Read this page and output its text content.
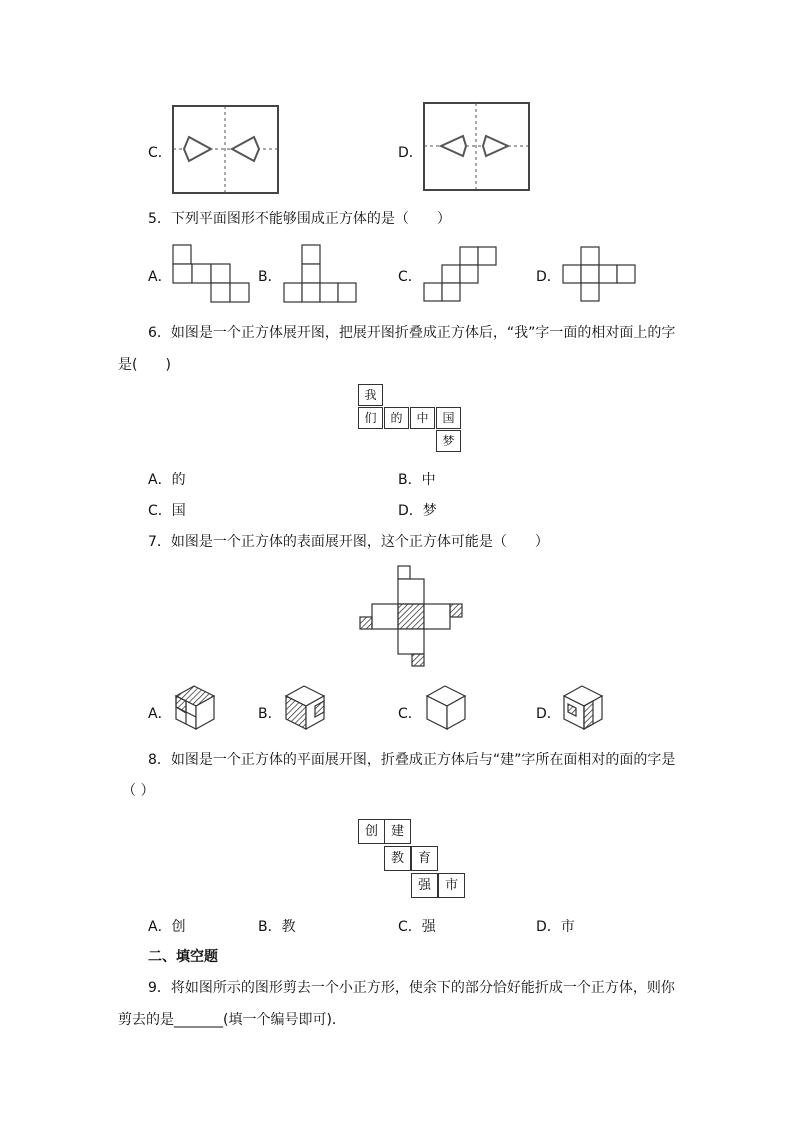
C．	D．
5．下列平面图形不能够围成正方体的是（　　）
A．	B．	C．	D．
6．如图是一个正方体展开图，把展开图折叠成正方体后，“我”字一面的相对面上的字
是(　　)
我
们	的	中	国
梦
A．的	B．中
C．国	D．梦
7．如图是一个正方体的表面展开图，这个正方体可能是（　　）
A．	B．	C．	D．
8．如图是一个正方体的平面展开图，折叠成正方体后与“建”字所在面相对的面的字是
（ ）
创 建
教	育
强	市
A．创	B．教	C．强	D．市
二、填空题
9．将如图所示的图形剪去一个小正方形，使余下的部分恰好能折成一个正方体，则你
剪去的是_______(填一个编号即可)．
